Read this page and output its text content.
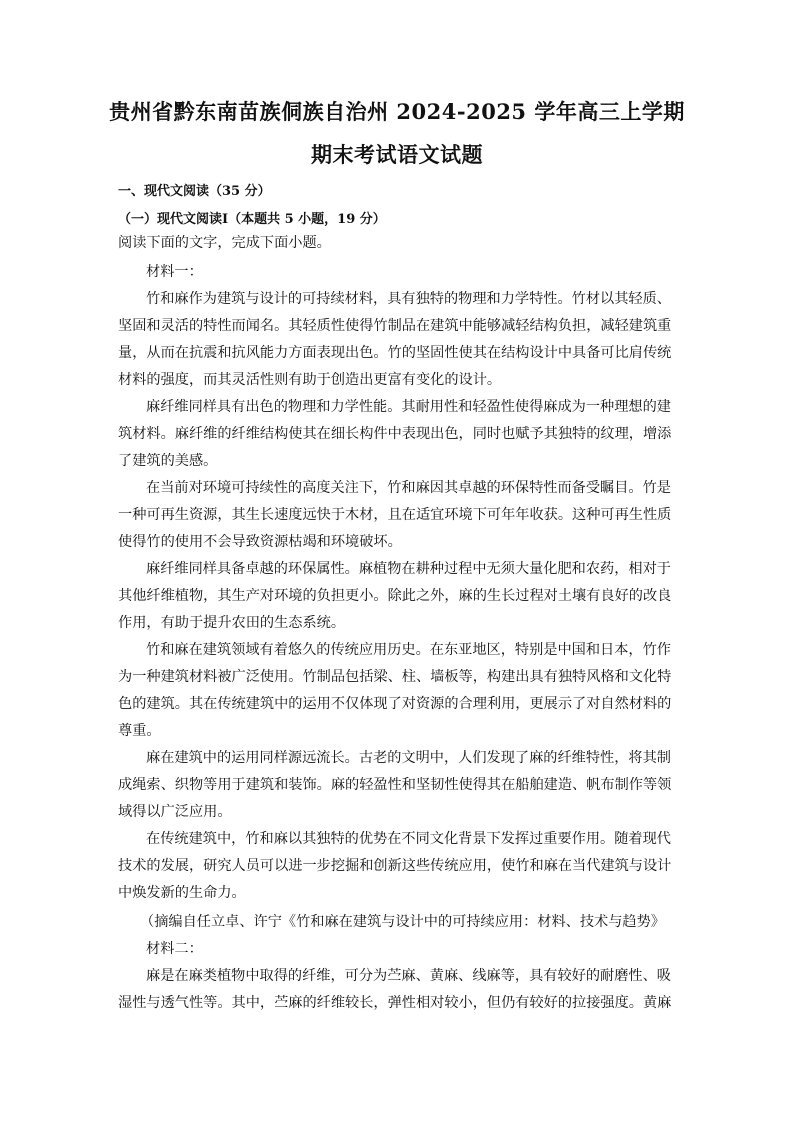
贵州省黔东南苗族侗族自治州 2024-2025 学年高三上学期
期末考试语文试题
一、现代文阅读（35 分）
（一）现代文阅读Ⅰ（本题共 5 小题，19 分）
阅读下面的文字，完成下面小题。
材料一：
竹和麻作为建筑与设计的可持续材料，具有独特的物理和力学特性。竹材以其轻质、
坚固和灵活的特性而闻名。其轻质性使得竹制品在建筑中能够减轻结构负担，减轻建筑重
量，从而在抗震和抗风能力方面表现出色。竹的坚固性使其在结构设计中具备可比肩传统
材料的强度，而其灵活性则有助于创造出更富有变化的设计。
麻纤维同样具有出色的物理和力学性能。其耐用性和轻盈性使得麻成为一种理想的建
筑材料。麻纤维的纤维结构使其在细长构件中表现出色，同时也赋予其独特的纹理，增添
了建筑的美感。
在当前对环境可持续性的高度关注下，竹和麻因其卓越的环保特性而备受瞩目。竹是
一种可再生资源，其生长速度远快于木材，且在适宜环境下可年年收获。这种可再生性质
使得竹的使用不会导致资源枯竭和环境破坏。
麻纤维同样具备卓越的环保属性。麻植物在耕种过程中无须大量化肥和农药，相对于
其他纤维植物，其生产对环境的负担更小。除此之外，麻的生长过程对土壤有良好的改良
作用，有助于提升农田的生态系统。
竹和麻在建筑领域有着悠久的传统应用历史。在东亚地区，特别是中国和日本，竹作
为一种建筑材料被广泛使用。竹制品包括梁、柱、墙板等，构建出具有独特风格和文化特
色的建筑。其在传统建筑中的运用不仅体现了对资源的合理利用，更展示了对自然材料的
尊重。
麻在建筑中的运用同样源远流长。古老的文明中，人们发现了麻的纤维特性，将其制
成绳索、织物等用于建筑和装饰。麻的轻盈性和坚韧性使得其在船舶建造、帆布制作等领
域得以广泛应用。
在传统建筑中，竹和麻以其独特的优势在不同文化背景下发挥过重要作用。随着现代
技术的发展，研究人员可以进一步挖掘和创新这些传统应用，使竹和麻在当代建筑与设计
中焕发新的生命力。
（摘编自任立卓、许宁《竹和麻在建筑与设计中的可持续应用：材料、技术与趋势》
材料二：
麻是在麻类植物中取得的纤维，可分为苎麻、黄麻、线麻等，具有较好的耐磨性、吸
湿性与透气性等。其中，苎麻的纤维较长，弹性相对较小，但仍有较好的拉接强度。黄麻
